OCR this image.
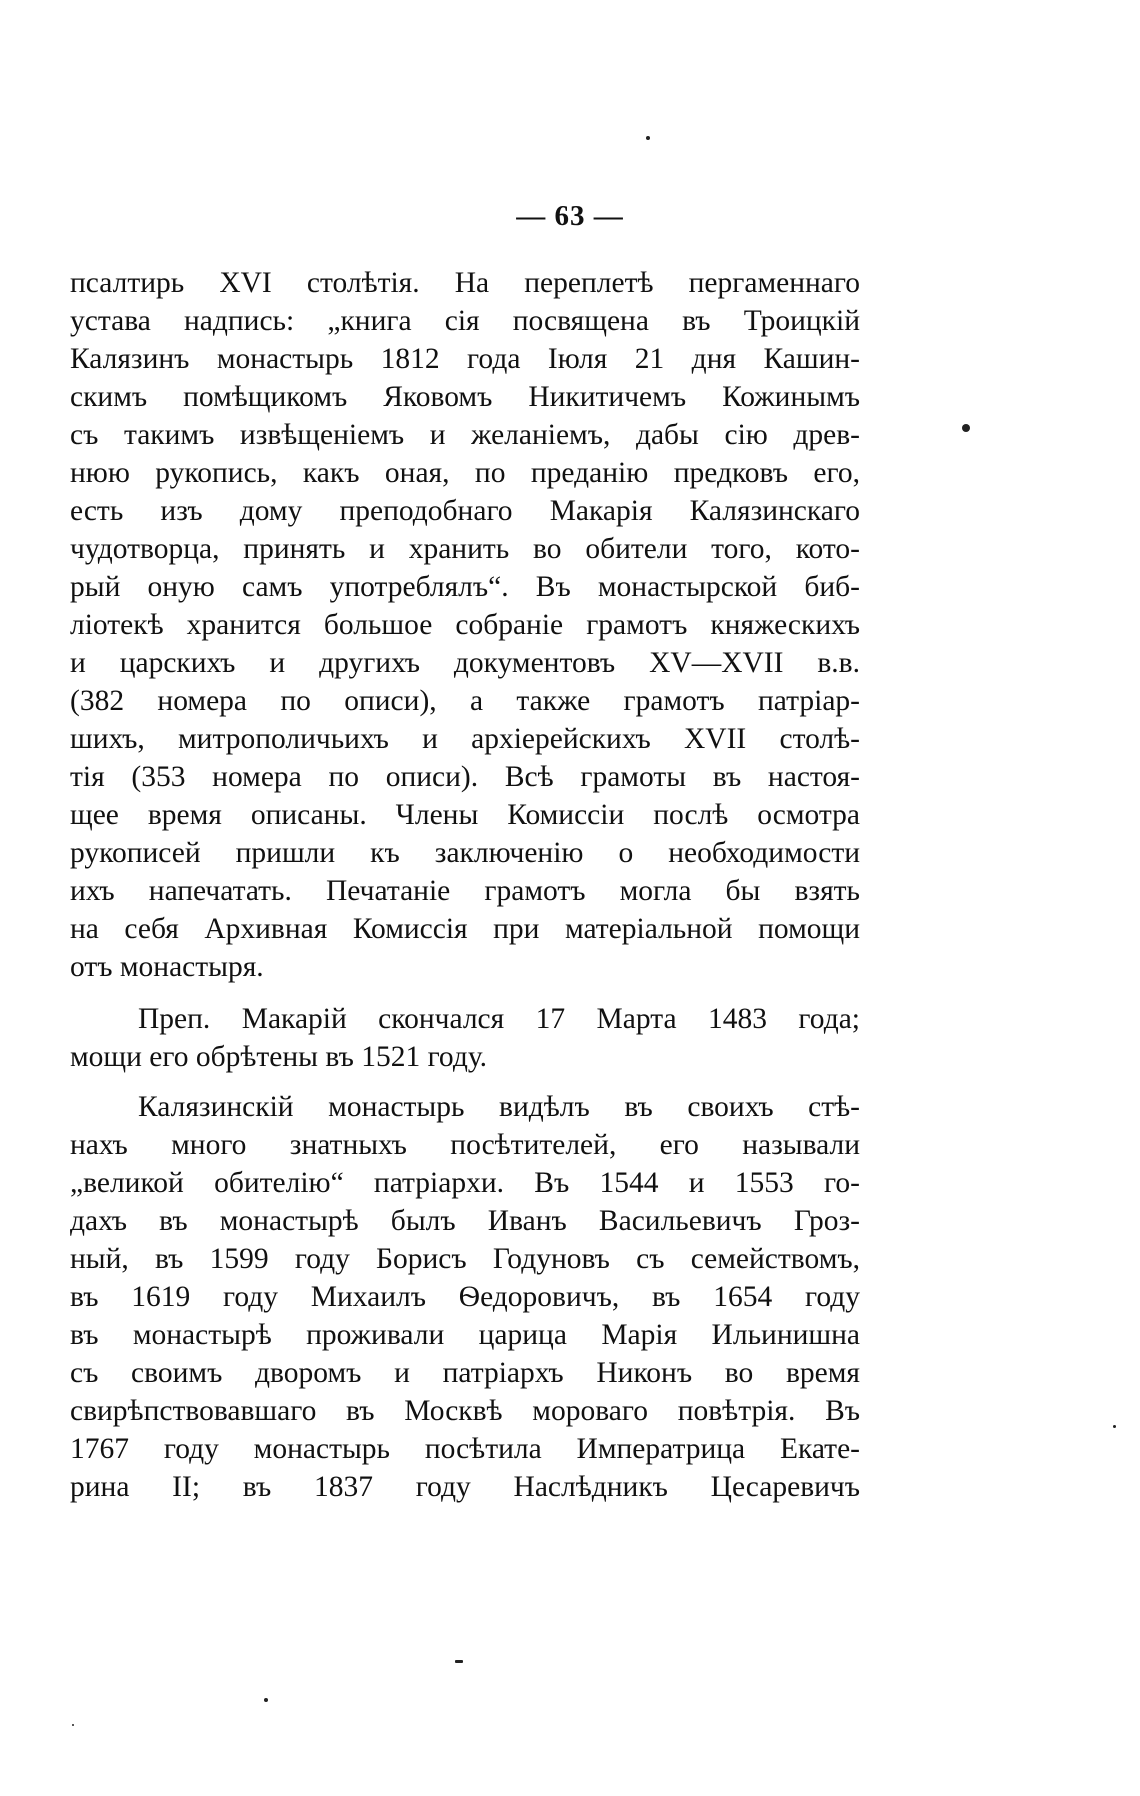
— 63 —
псалтирь XVI столѣтія. На переплетѣ пергаменнаго
устава надпись: „книга сія посвящена въ Троицкій
Калязинъ монастырь 1812 года Іюля 21 дня Кашин-
скимъ помѣщикомъ Яковомъ Никитичемъ Кожинымъ
съ такимъ извѣщеніемъ и желаніемъ, дабы сію древ-
нюю рукопись, какъ оная, по преданію предковъ его,
есть изъ дому преподобнаго Макарія Калязинскаго
чудотворца, принять и хранить во обители того, кото-
рый оную самъ употреблялъ“. Въ монастырской биб-
ліотекѣ хранится большое собраніе грамотъ княжескихъ
и царскихъ и другихъ документовъ XV—XVII в.в.
(382 номера по описи), а также грамотъ патріар-
шихъ, митрополичьихъ и архіерейскихъ XVII столѣ-
тія (353 номера по описи). Всѣ грамоты въ настоя-
щее время описаны. Члены Комиссіи послѣ осмотра
рукописей пришли къ заключенію о необходимости
ихъ напечатать. Печатаніе грамотъ могла бы взять
на себя Архивная Комиссія при матеріальной помощи
отъ монастыря.
Преп. Макарій скончался 17 Марта 1483 года;
мощи его обрѣтены въ 1521 году.
Калязинскій монастырь видѣлъ въ своихъ стѣ-
нахъ много знатныхъ посѣтителей, его называли
„великой обителію“ патріархи. Въ 1544 и 1553 го-
дахъ въ монастырѣ былъ Иванъ Васильевичъ Гроз-
ный, въ 1599 году Борисъ Годуновъ съ семействомъ,
въ 1619 году Михаилъ Ѳедоровичъ, въ 1654 году
въ монастырѣ проживали царица Марія Ильинишна
съ своимъ дворомъ и патріархъ Никонъ во время
свирѣпствовавшаго въ Москвѣ мороваго повѣтрія. Въ
1767 году монастырь посѣтила Императрица Екате-
рина II; въ 1837 году Наслѣдникъ Цесаревичъ
